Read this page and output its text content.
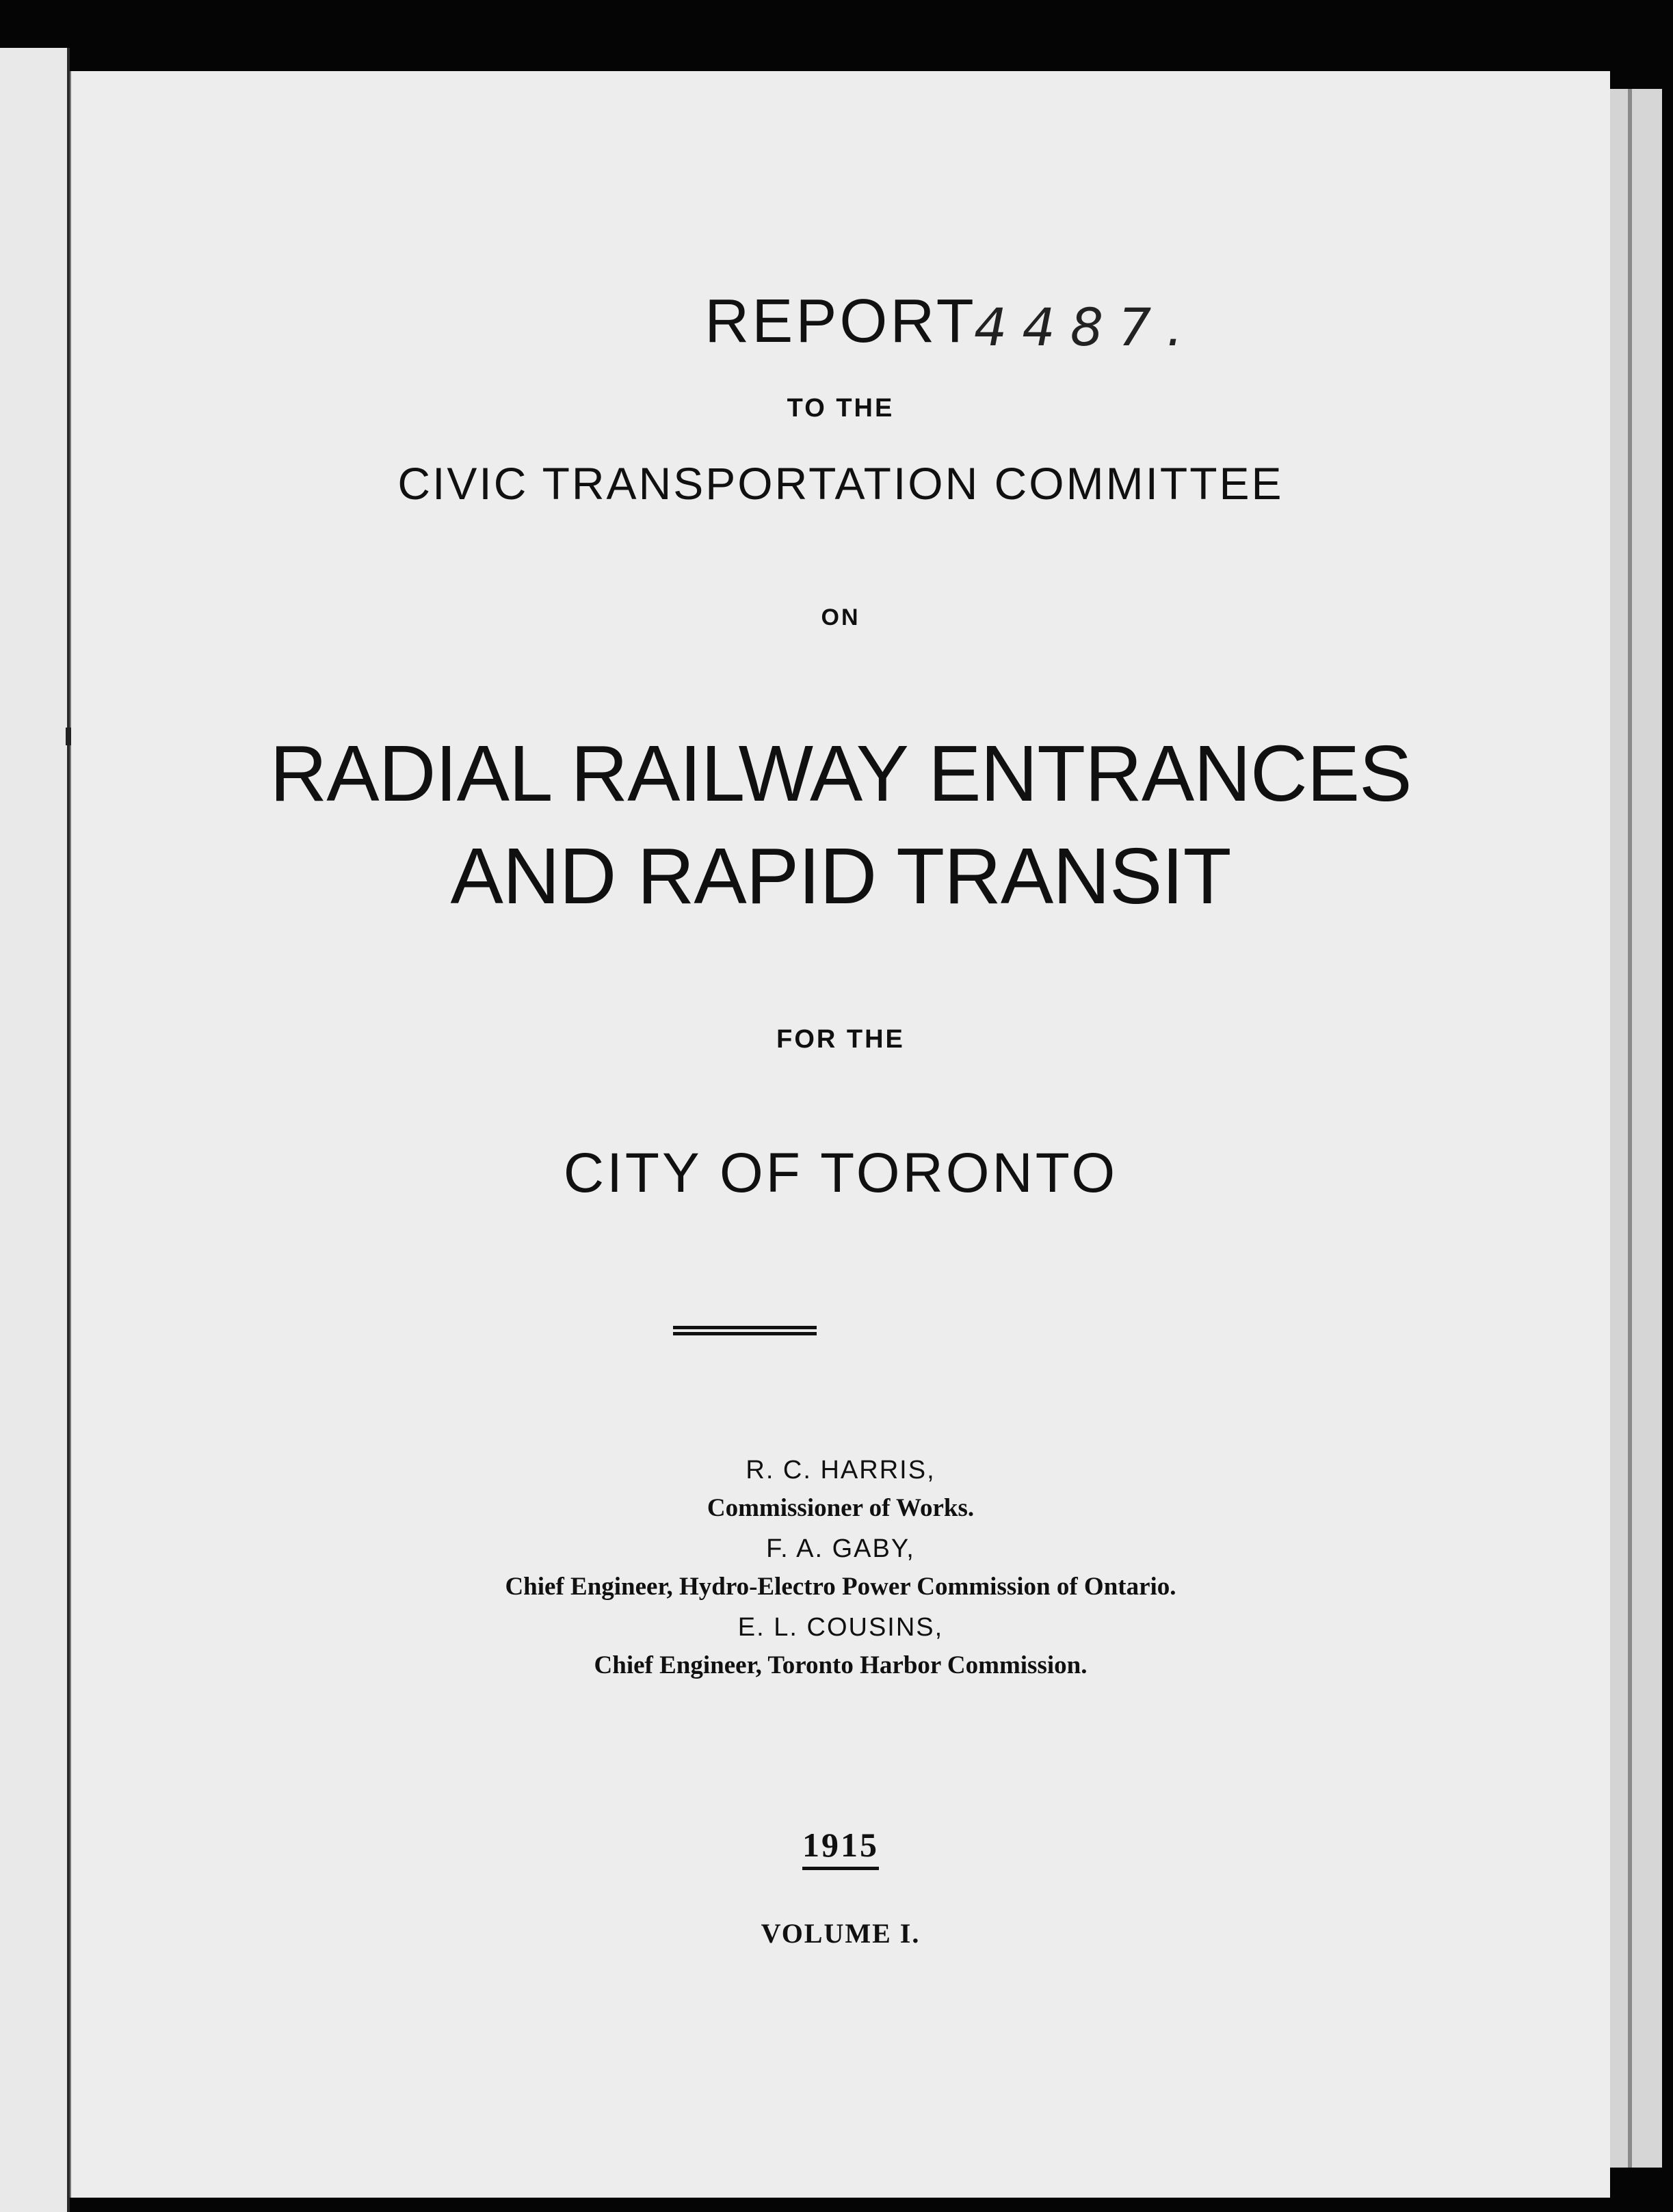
REPORT
4487.
TO THE
CIVIC TRANSPORTATION COMMITTEE
ON
RADIAL RAILWAY ENTRANCES
AND RAPID TRANSIT
FOR THE
CITY OF TORONTO
R. C. HARRIS,
Commissioner of Works.
F. A. GABY,
Chief Engineer, Hydro-Electro Power Commission of Ontario.
E. L. COUSINS,
Chief Engineer, Toronto Harbor Commission.
1915
VOLUME I.
